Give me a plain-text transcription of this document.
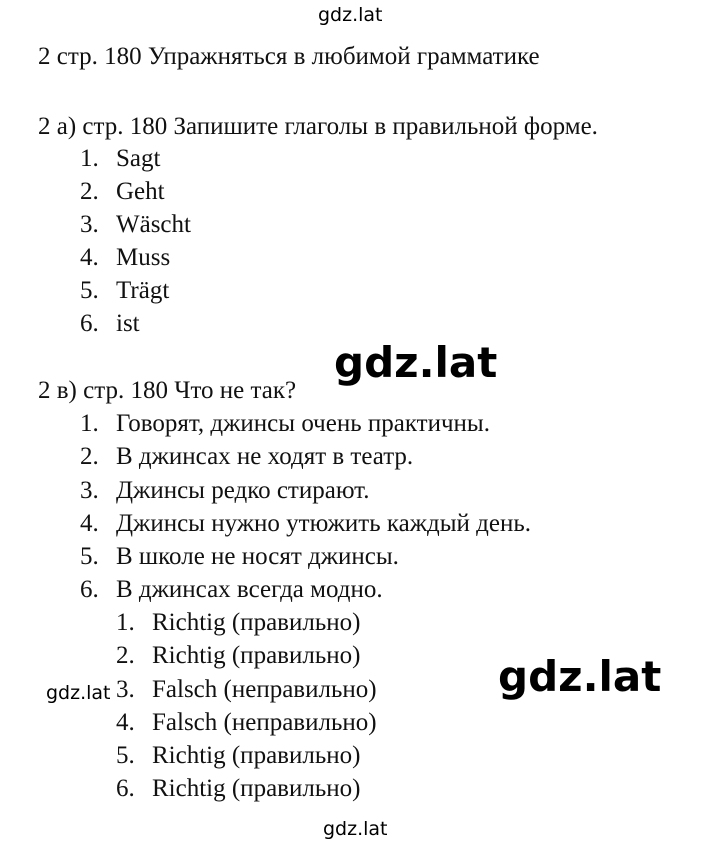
gdz.lat
2 стр. 180 Упражняться в любимой грамматике
2 а) стр. 180 Запишите глаголы в правильной форме.
1. Sagt
2. Geht
3. Wäscht
4. Muss
5. Trägt
6. ist
2 в) стр. 180 Что не так?
gdz.lat
1. Говорят, джинсы очень практичны.
2. В джинсах не ходят в театр.
3. Джинсы редко стирают.
4. Джинсы нужно утюжить каждый день.
5. В школе не носят джинсы.
6. В джинсах всегда модно.
1. Richtig (правильно)
2. Richtig (правильно)
3. Falsch (неправильно)
4. Falsch (неправильно)
5. Richtig (правильно)
6. Richtig (правильно)
gdz.lat	gdz.lat
gdz.lat
